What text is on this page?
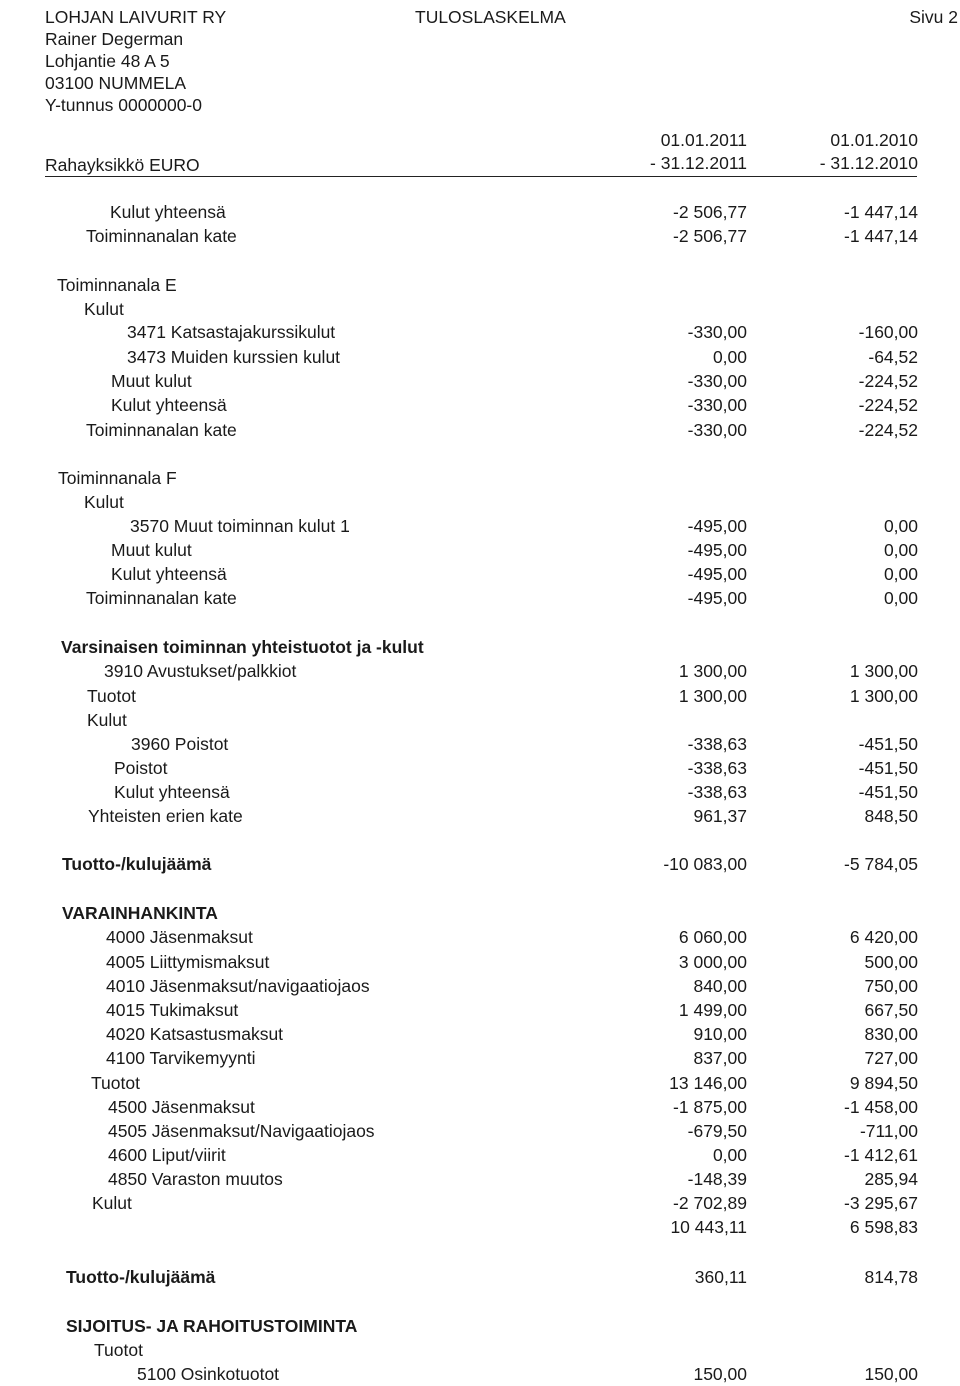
LOHJAN LAIVURIT RY
Rainer Degerman
Lohjantie 48 A 5
03100 NUMMELA
Y-tunnus 0000000-0
TULOSLASKELMA	Sivu 2
Rahayksikkö EURO
01.01.2011
- 31.12.2011
01.01.2010
- 31.12.2010
Kulut yhteensä	-2 506,77	-1 447,14
Toiminnanalan kate	-2 506,77	-1 447,14
Toiminnanala E
Kulut
3471 Katsastajakurssikulut	-330,00	-160,00
3473 Muiden kurssien kulut	0,00	-64,52
Muut kulut	-330,00	-224,52
Kulut yhteensä	-330,00	-224,52
Toiminnanalan kate	-330,00	-224,52
Toiminnanala F
Kulut
3570 Muut toiminnan kulut 1	-495,00	0,00
Muut kulut	-495,00	0,00
Kulut yhteensä	-495,00	0,00
Toiminnanalan kate	-495,00	0,00
Varsinaisen toiminnan yhteistuotot ja -kulut
3910 Avustukset/palkkiot	1 300,00	1 300,00
Tuotot	1 300,00	1 300,00
Kulut
3960 Poistot	-338,63	-451,50
Poistot	-338,63	-451,50
Kulut yhteensä	-338,63	-451,50
Yhteisten erien kate	961,37	848,50
Tuotto-/kulujäämä	-10 083,00	-5 784,05
VARAINHANKINTA
4000 Jäsenmaksut	6 060,00	6 420,00
4005 Liittymismaksut	3 000,00	500,00
4010 Jäsenmaksut/navigaatiojaos	840,00	750,00
4015 Tukimaksut	1 499,00	667,50
4020 Katsastusmaksut	910,00	830,00
4100 Tarvikemyynti	837,00	727,00
Tuotot	13 146,00	9 894,50
4500 Jäsenmaksut	-1 875,00	-1 458,00
4505 Jäsenmaksut/Navigaatiojaos	-679,50	-711,00
4600 Liput/viirit	0,00	-1 412,61
4850 Varaston muutos	-148,39	285,94
Kulut	-2 702,89	-3 295,67
10 443,11	6 598,83
Tuotto-/kulujäämä	360,11	814,78
SIJOITUS- JA RAHOITUSTOIMINTA
Tuotot
5100 Osinkotuotot	150,00	150,00
